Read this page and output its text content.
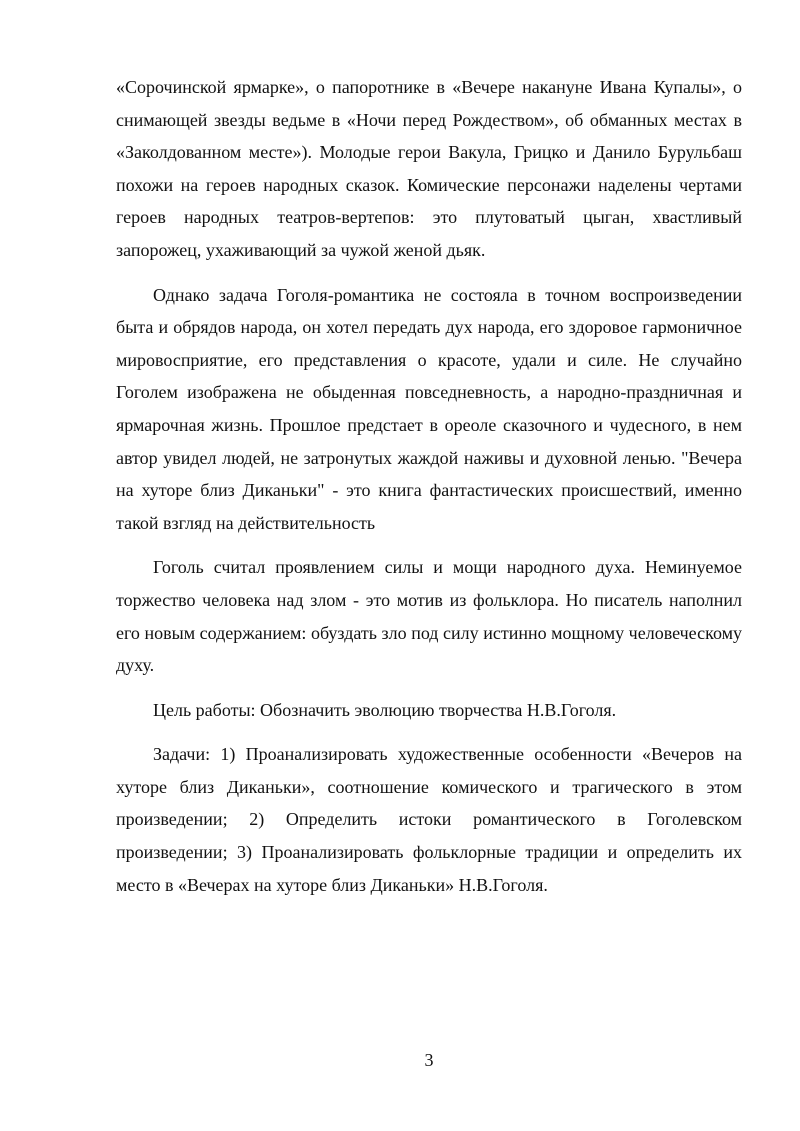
«Сорочинской ярмарке», о папоротнике в «Вечере накануне Ивана Купалы», о снимающей звезды ведьме в «Ночи перед Рождеством», об обманных местах в «Заколдованном месте»). Молодые герои Вакула, Грицко и Данило Бурульбаш похожи на героев народных сказок. Комические персонажи наделены чертами героев народных театров-вертепов: это плутоватый цыган, хвастливый запорожец, ухаживающий за чужой женой дьяк.

Однако задача Гоголя-романтика не состояла в точном воспроизведении быта и обрядов народа, он хотел передать дух народа, его здоровое гармоничное мировосприятие, его представления о красоте, удали и силе. Не случайно Гоголем изображена не обыденная повседневность, а народно-праздничная и ярмарочная жизнь. Прошлое предстает в ореоле сказочного и чудесного, в нем автор увидел людей, не затронутых жаждой наживы и духовной ленью. "Вечера на хуторе близ Диканьки" - это книга фантастических происшествий, именно такой взгляд на действительность

Гоголь считал проявлением силы и мощи народного духа. Неминуемое торжество человека над злом - это мотив из фольклора. Но писатель наполнил его новым содержанием: обуздать зло под силу истинно мощному человеческому духу.

Цель работы: Обозначить эволюцию творчества Н.В.Гоголя.

Задачи: 1) Проанализировать художественные особенности «Вечеров на хуторе близ Диканьки», соотношение комического и трагического в этом произведении; 2) Определить истоки романтического в Гоголевском произведении; 3) Проанализировать фольклорные традиции и определить их место в «Вечерах на хуторе близ Диканьки» Н.В.Гоголя.

3
